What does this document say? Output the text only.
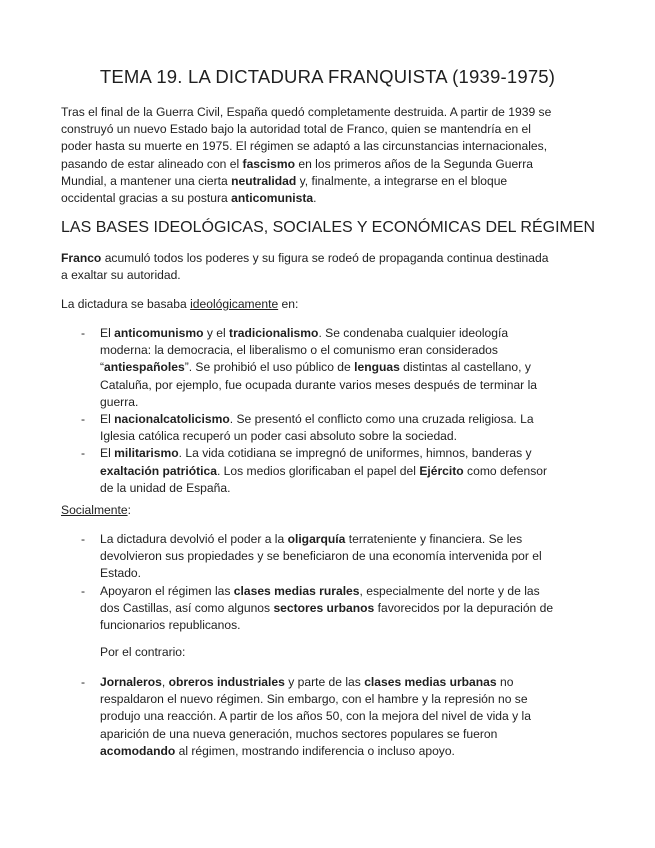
TEMA 19. LA DICTADURA FRANQUISTA (1939-1975)
Tras el final de la Guerra Civil, España quedó completamente destruida. A partir de 1939 se
construyó un nuevo Estado bajo la autoridad total de Franco, quien se mantendría en el
poder hasta su muerte en 1975. El régimen se adaptó a las circunstancias internacionales,
pasando de estar alineado con el fascismo en los primeros años de la Segunda Guerra
Mundial, a mantener una cierta neutralidad y, finalmente, a integrarse en el bloque
occidental gracias a su postura anticomunista.
LAS BASES IDEOLÓGICAS, SOCIALES Y ECONÓMICAS DEL RÉGIMEN
Franco acumuló todos los poderes y su figura se rodeó de propaganda continua destinada
a exaltar su autoridad.
La dictadura se basaba ideológicamente en:
- El anticomunismo y el tradicionalismo. Se condenaba cualquier ideología
moderna: la democracia, el liberalismo o el comunismo eran considerados
“antiespañoles”. Se prohibió el uso público de lenguas distintas al castellano, y
Cataluña, por ejemplo, fue ocupada durante varios meses después de terminar la
guerra.
- El nacionalcatolicismo. Se presentó el conflicto como una cruzada religiosa. La
Iglesia católica recuperó un poder casi absoluto sobre la sociedad.
- El militarismo. La vida cotidiana se impregnó de uniformes, himnos, banderas y
exaltación patriótica. Los medios glorificaban el papel del Ejército como defensor
de la unidad de España.
Socialmente:
- La dictadura devolvió el poder a la oligarquía terrateniente y financiera. Se les
devolvieron sus propiedades y se beneficiaron de una economía intervenida por el
Estado.
- Apoyaron el régimen las clases medias rurales, especialmente del norte y de las
dos Castillas, así como algunos sectores urbanos favorecidos por la depuración de
funcionarios republicanos.
Por el contrario:
- Jornaleros, obreros industriales y parte de las clases medias urbanas no
respaldaron el nuevo régimen. Sin embargo, con el hambre y la represión no se
produjo una reacción. A partir de los años 50, con la mejora del nivel de vida y la
aparición de una nueva generación, muchos sectores populares se fueron
acomodando al régimen, mostrando indiferencia o incluso apoyo.
